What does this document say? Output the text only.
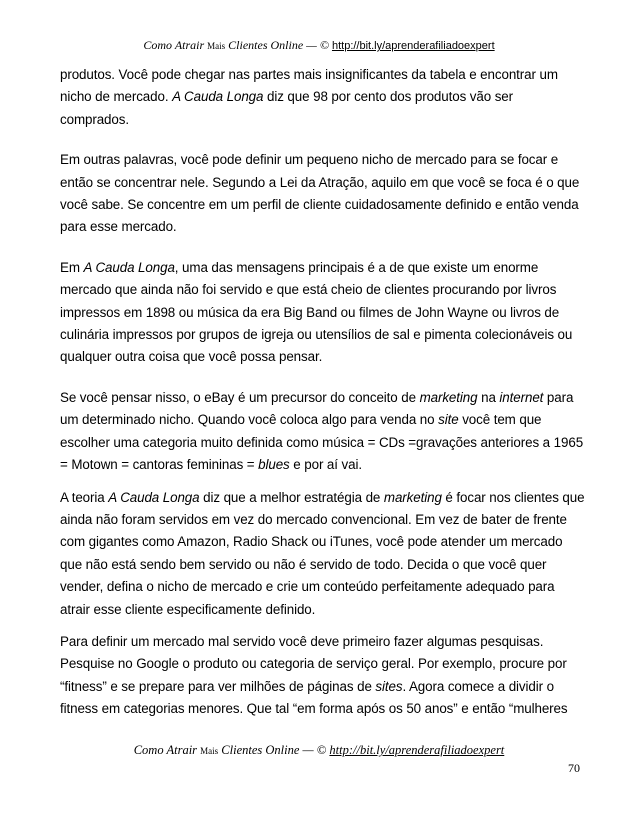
Como Atrair Mais Clientes Online — © http://bit.ly/aprenderafiliadoexpert

produtos. Você pode chegar nas partes mais insignificantes da tabela e encontrar um nicho de mercado. A Cauda Longa diz que 98 por cento dos produtos vão ser comprados.

Em outras palavras, você pode definir um pequeno nicho de mercado para se focar e então se concentrar nele. Segundo a Lei da Atração, aquilo em que você se foca é o que você sabe. Se concentre em um perfil de cliente cuidadosamente definido e então venda para esse mercado.

Em A Cauda Longa, uma das mensagens principais é a de que existe um enorme mercado que ainda não foi servido e que está cheio de clientes procurando por livros impressos em 1898 ou música da era Big Band ou filmes de John Wayne ou livros de culinária impressos por grupos de igreja ou utensílios de sal e pimenta colecionáveis ou qualquer outra coisa que você possa pensar.

Se você pensar nisso, o eBay é um precursor do conceito de marketing na internet para um determinado nicho. Quando você coloca algo para venda no site você tem que escolher uma categoria muito definida como música = CDs =gravações anteriores a 1965 = Motown = cantoras femininas = blues e por aí vai.

A teoria A Cauda Longa diz que a melhor estratégia de marketing é focar nos clientes que ainda não foram servidos em vez do mercado convencional. Em vez de bater de frente com gigantes como Amazon, Radio Shack ou iTunes, você pode atender um mercado que não está sendo bem servido ou não é servido de todo. Decida o que você quer vender, defina o nicho de mercado e crie um conteúdo perfeitamente adequado para atrair esse cliente especificamente definido.

Para definir um mercado mal servido você deve primeiro fazer algumas pesquisas. Pesquise no Google o produto ou categoria de serviço geral. Por exemplo, procure por “fitness” e se prepare para ver milhões de páginas de sites. Agora comece a dividir o fitness em categorias menores. Que tal “em forma após os 50 anos” e então “mulheres

Como Atrair Mais Clientes Online — © http://bit.ly/aprenderafiliadoexpert
70
